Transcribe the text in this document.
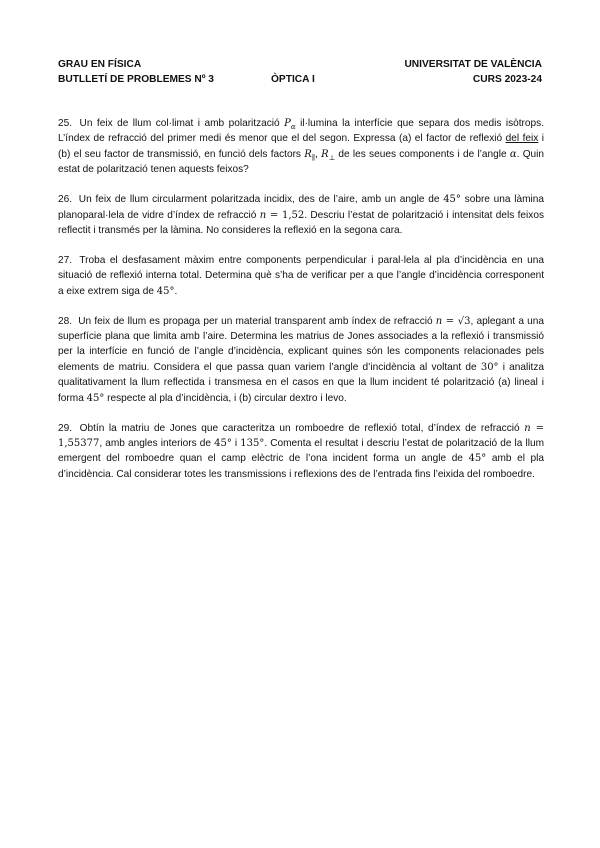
GRAU EN FÍSICA	UNIVERSITAT DE VALÈNCIA
BUTLLETÍ DE PROBLEMES Nº 3	ÒPTICA I	CURS 2023-24

25. Un feix de llum col·limat i amb polarització $P_\alpha$ il·lumina la interfície que separa dos medis isòtrops. L’índex de refracció del primer medi és menor que el del segon. Expressa (a) el factor de reflexió del feix i (b) el seu factor de transmissió, en funció dels factors $R_\parallel$, $R_\perp$ de les seues components i de l’angle α. Quin estat de polarització tenen aquests feixos?

26. Un feix de llum circularment polaritzada incidix, des de l’aire, amb un angle de 45° sobre una làmina planoparal·lela de vidre d’índex de refracció n = 1,52. Descriu l’estat de polarització i intensitat dels feixos reflectit i transmés per la làmina. No consideres la reflexió en la segona cara.

27. Troba el desfasament màxim entre components perpendicular i paral·lela al pla d’incidència en una situació de reflexió interna total. Determina què s’ha de verificar per a que l’angle d’incidència corresponent a eixe extrem siga de 45°.

28. Un feix de llum es propaga per un material transparent amb índex de refracció n = √3, aplegant a una superfície plana que limita amb l’aire. Determina les matrius de Jones associades a la reflexió i transmissió per la interfície en funció de l’angle d’incidència, explicant quines són les components relacionades pels elements de matriu. Considera el que passa quan variem l’angle d’incidència al voltant de 30° i analitza qualitativament la llum reflectida i transmesa en el casos en que la llum incident té polarització (a) lineal i forma 45° respecte al pla d’incidència, i (b) circular dextro i levo.

29. Obtín la matriu de Jones que caracteritza un romboedre de reflexió total, d’índex de refracció n = 1,55377, amb angles interiors de 45° i 135°. Comenta el resultat i descriu l’estat de polarització de la llum emergent del romboedre quan el camp elèctric de l’ona incident forma un angle de 45° amb el pla d’incidència. Cal considerar totes les transmissions i reflexions des de l’entrada fins l’eixida del romboedre.
